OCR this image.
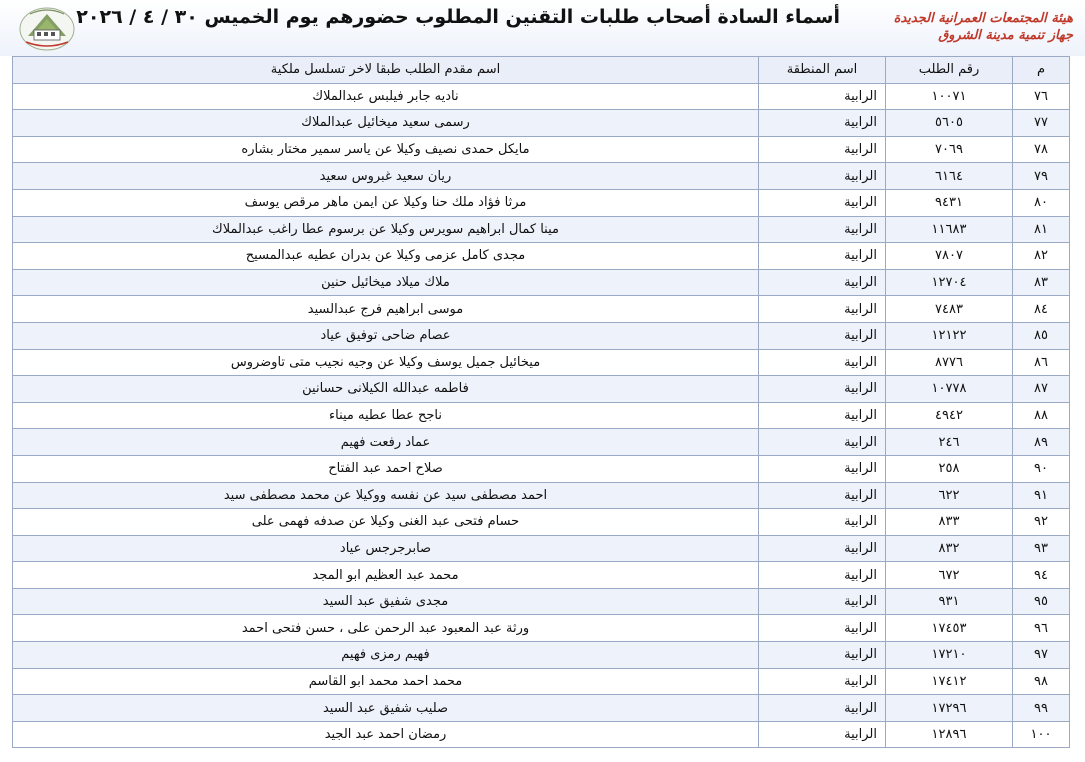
أسماء السادة أصحاب طلبات التقنين المطلوب حضورهم يوم الخميس ٣٠ / ٤ / ٢٠٢٦	هيئة المجتمعات العمرانية الجديدة
جهاز تنمية مدينة الشروق
م	رقم الطلب	اسم المنطقة	اسم مقدم الطلب طبقا لاخر تسلسل ملكية
٧٦	١٠٠٧١	الرابية	ناديه جابر فيلبس عبدالملاك
٧٧	٥٦٠٥	الرابية	رسمى سعيد ميخائيل عبدالملاك
٧٨	٧٠٦٩	الرابية	مايكل حمدى نصيف وكيلا عن ياسر سمير مختار بشاره
٧٩	٦١٦٤	الرابية	ريان سعيد غبروس سعيد
٨٠	٩٤٣١	الرابية	مرثا فؤاد ملك حنا وكيلا عن ايمن ماهر مرقص يوسف
٨١	١١٦٨٣	الرابية	مينا كمال ابراهيم سويرس وكيلا عن برسوم عطا راغب عبدالملاك
٨٢	٧٨٠٧	الرابية	مجدى كامل عزمى وكيلا عن بدران عطيه عبدالمسيح
٨٣	١٢٧٠٤	الرابية	ملاك ميلاد ميخائيل حنين
٨٤	٧٤٨٣	الرابية	موسى ابراهيم فرج عبدالسيد
٨٥	١٢١٢٢	الرابية	عصام ضاحى توفيق عياد
٨٦	٨٧٧٦	الرابية	ميخائيل جميل يوسف وكيلا عن وجيه نجيب متى تاوضروس
٨٧	١٠٧٧٨	الرابية	فاطمه عبدالله الكيلانى حسانين
٨٨	٤٩٤٢	الرابية	ناجح عطا عطيه ميناء
٨٩	٢٤٦	الرابية	عماد رفعت فهيم
٩٠	٢٥٨	الرابية	صلاح احمد عبد الفتاح
٩١	٦٢٢	الرابية	احمد مصطفى سيد عن نفسه ووكيلا عن محمد مصطفى سيد
٩٢	٨٣٣	الرابية	حسام فتحى عبد الغنى وكيلا عن صدفه فهمى على
٩٣	٨٣٢	الرابية	صابرجرجس عياد
٩٤	٦٧٢	الرابية	محمد عبد العظيم ابو المجد
٩٥	٩٣١	الرابية	مجدى شفيق عبد السيد
٩٦	١٧٤٥٣	الرابية	ورثة عبد المعبود عبد الرحمن على ، حسن فتحى احمد
٩٧	١٧٢١٠	الرابية	فهيم رمزى فهيم
٩٨	١٧٤١٢	الرابية	محمد احمد محمد ابو القاسم
٩٩	١٧٢٩٦	الرابية	صليب شفيق عبد السيد
١٠٠	١٢٨٩٦	الرابية	رمضان احمد عبد الجيد
